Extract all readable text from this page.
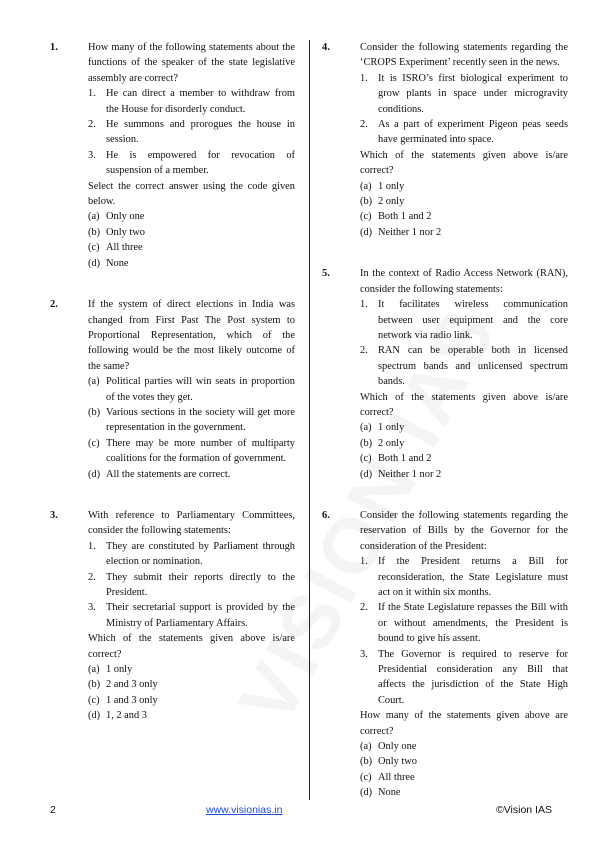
1.	How many of the following statements about the functions of the speaker of the state legislative assembly are correct?
1. He can direct a member to withdraw from the House for disorderly conduct.
2. He summons and prorogues the house in session.
3. He is empowered for revocation of suspension of a member.
Select the correct answer using the code given below.
(a) Only one
(b) Only two
(c) All three
(d) None
2.	If the system of direct elections in India was changed from First Past The Post system to Proportional Representation, which of the following would be the most likely outcome of the same?
(a) Political parties will win seats in proportion of the votes they get.
(b) Various sections in the society will get more representation in the government.
(c) There may be more number of multiparty coalitions for the formation of government.
(d) All the statements are correct.
3.	With reference to Parliamentary Committees, consider the following statements:
1. They are constituted by Parliament through election or nomination.
2. They submit their reports directly to the President.
3. Their secretarial support is provided by the Ministry of Parliamentary Affairs.
Which of the statements given above is/are correct?
(a) 1 only
(b) 2 and 3 only
(c) 1 and 3 only
(d) 1, 2 and 3
4.	Consider the following statements regarding the ‘CROPS Experiment’ recently seen in the news.
1. It is ISRO’s first biological experiment to grow plants in space under microgravity conditions.
2. As a part of experiment Pigeon peas seeds have germinated into space.
Which of the statements given above is/are correct?
(a) 1 only
(b) 2 only
(c) Both 1 and 2
(d) Neither 1 nor 2
5.	In the context of Radio Access Network (RAN), consider the following statements:
1. It facilitates wireless communication between user equipment and the core network via radio link.
2. RAN can be operable both in licensed spectrum bands and unlicensed spectrum bands.
Which of the statements given above is/are correct?
(a) 1 only
(b) 2 only
(c) Both 1 and 2
(d) Neither 1 nor 2
6.	Consider the following statements regarding the reservation of Bills by the Governor for the consideration of the President:
1. If the President returns a Bill for reconsideration, the State Legislature must act on it within six months.
2. If the State Legislature repasses the Bill with or without amendments, the President is bound to give his assent.
3. The Governor is required to reserve for Presidential consideration any Bill that affects the jurisdiction of the State High Court.
How many of the statements given above are correct?
(a) Only one
(b) Only two
(c) All three
(d) None
2	www.visionias.in	©Vision IAS
